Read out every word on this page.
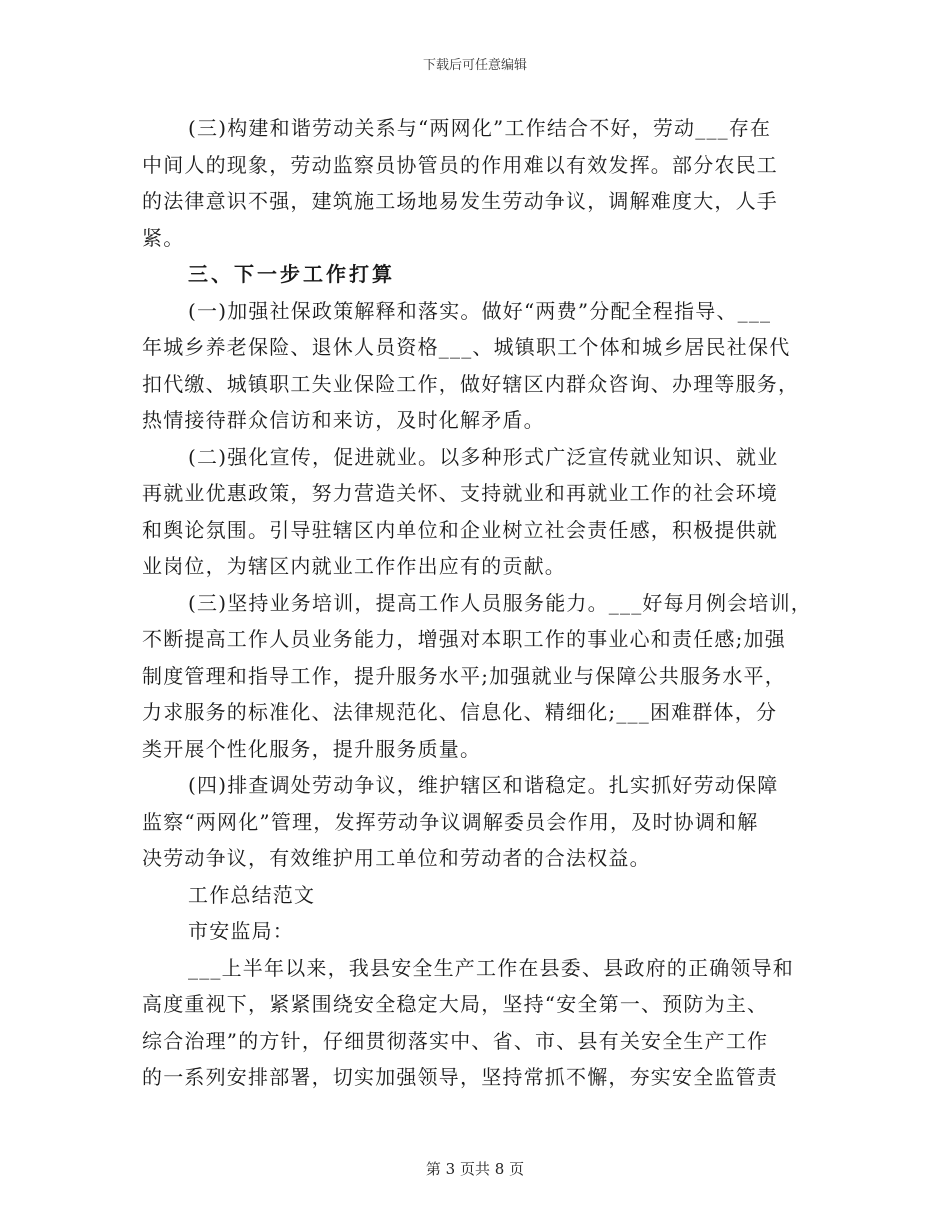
下载后可任意编辑
(三)构建和谐劳动关系与“两网化”工作结合不好，劳动___存在
中间人的现象，劳动监察员协管员的作用难以有效发挥。部分农民工
的法律意识不强，建筑施工场地易发生劳动争议，调解难度大，人手
紧。
三、下一步工作打算
(一)加强社保政策解释和落实。做好“两费”分配全程指导、___
年城乡养老保险、退休人员资格___、城镇职工个体和城乡居民社保代
扣代缴、城镇职工失业保险工作，做好辖区内群众咨询、办理等服务，
热情接待群众信访和来访，及时化解矛盾。
(二)强化宣传，促进就业。以多种形式广泛宣传就业知识、就业
再就业优惠政策，努力营造关怀、支持就业和再就业工作的社会环境
和舆论氛围。引导驻辖区内单位和企业树立社会责任感，积极提供就
业岗位，为辖区内就业工作作出应有的贡献。
(三)坚持业务培训，提高工作人员服务能力。___好每月例会培训，
不断提高工作人员业务能力，增强对本职工作的事业心和责任感;加强
制度管理和指导工作，提升服务水平;加强就业与保障公共服务水平，
力求服务的标准化、法律规范化、信息化、精细化;___困难群体，分
类开展个性化服务，提升服务质量。
(四)排查调处劳动争议，维护辖区和谐稳定。扎实抓好劳动保障
监察“两网化”管理，发挥劳动争议调解委员会作用，及时协调和解
决劳动争议，有效维护用工单位和劳动者的合法权益。
工作总结范文
市安监局：
___上半年以来，我县安全生产工作在县委、县政府的正确领导和
高度重视下，紧紧围绕安全稳定大局，坚持“安全第一、预防为主、
综合治理”的方针，仔细贯彻落实中、省、市、县有关安全生产工作
的一系列安排部署，切实加强领导，坚持常抓不懈，夯实安全监管责
第 3 页共 8 页
